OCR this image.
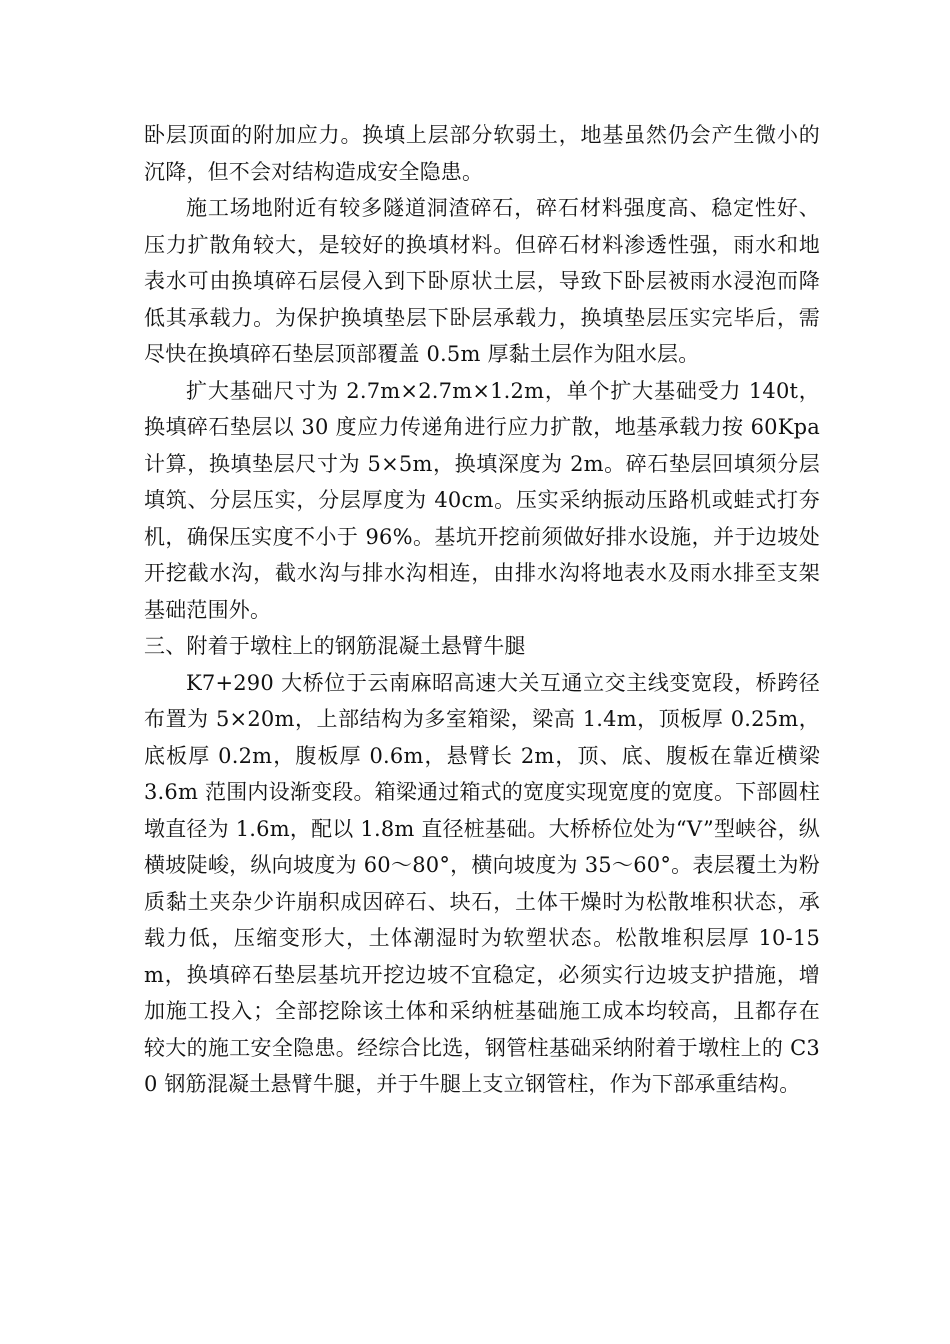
卧层顶面的附加应力。换填上层部分软弱土，地基虽然仍会产生微小的沉降，但不会对结构造成安全隐患。

施工场地附近有较多隧道洞渣碎石，碎石材料强度高、稳定性好、压力扩散角较大，是较好的换填材料。但碎石材料渗透性强，雨水和地表水可由换填碎石层侵入到下卧原状土层，导致下卧层被雨水浸泡而降低其承载力。为保护换填垫层下卧层承载力，换填垫层压实完毕后，需尽快在换填碎石垫层顶部覆盖 0.5m 厚黏土层作为阻水层。

扩大基础尺寸为 2.7m×2.7m×1.2m，单个扩大基础受力 140t，换填碎石垫层以 30 度应力传递角进行应力扩散，地基承载力按 60Kpa 计算，换填垫层尺寸为 5×5m，换填深度为 2m。碎石垫层回填须分层填筑、分层压实，分层厚度为 40cm。压实采纳振动压路机或蛙式打夯机，确保压实度不小于 96%。基坑开挖前须做好排水设施，并于边坡处开挖截水沟，截水沟与排水沟相连，由排水沟将地表水及雨水排至支架基础范围外。

三、附着于墩柱上的钢筋混凝土悬臂牛腿

K7+290 大桥位于云南麻昭高速大关互通立交主线变宽段，桥跨径布置为 5×20m，上部结构为多室箱梁，梁高 1.4m，顶板厚 0.25m，底板厚 0.2m，腹板厚 0.6m，悬臂长 2m，顶、底、腹板在靠近横梁 3.6m 范围内设渐变段。箱梁通过箱式的宽度实现宽度的宽度。下部圆柱墩直径为 1.6m，配以 1.8m 直径桩基础。大桥桥位处为“V”型峡谷，纵横坡陡峻，纵向坡度为 60～80°，横向坡度为 35～60°。表层覆土为粉质黏土夹杂少许崩积成因碎石、块石，土体干燥时为松散堆积状态，承载力低，压缩变形大，土体潮湿时为软塑状态。松散堆积层厚 10-15m，换填碎石垫层基坑开挖边坡不宜稳定，必须实行边坡支护措施，增加施工投入；全部挖除该土体和采纳桩基础施工成本均较高，且都存在较大的施工安全隐患。经综合比选，钢管柱基础采纳附着于墩柱上的 C30 钢筋混凝土悬臂牛腿，并于牛腿上支立钢管柱，作为下部承重结构。
